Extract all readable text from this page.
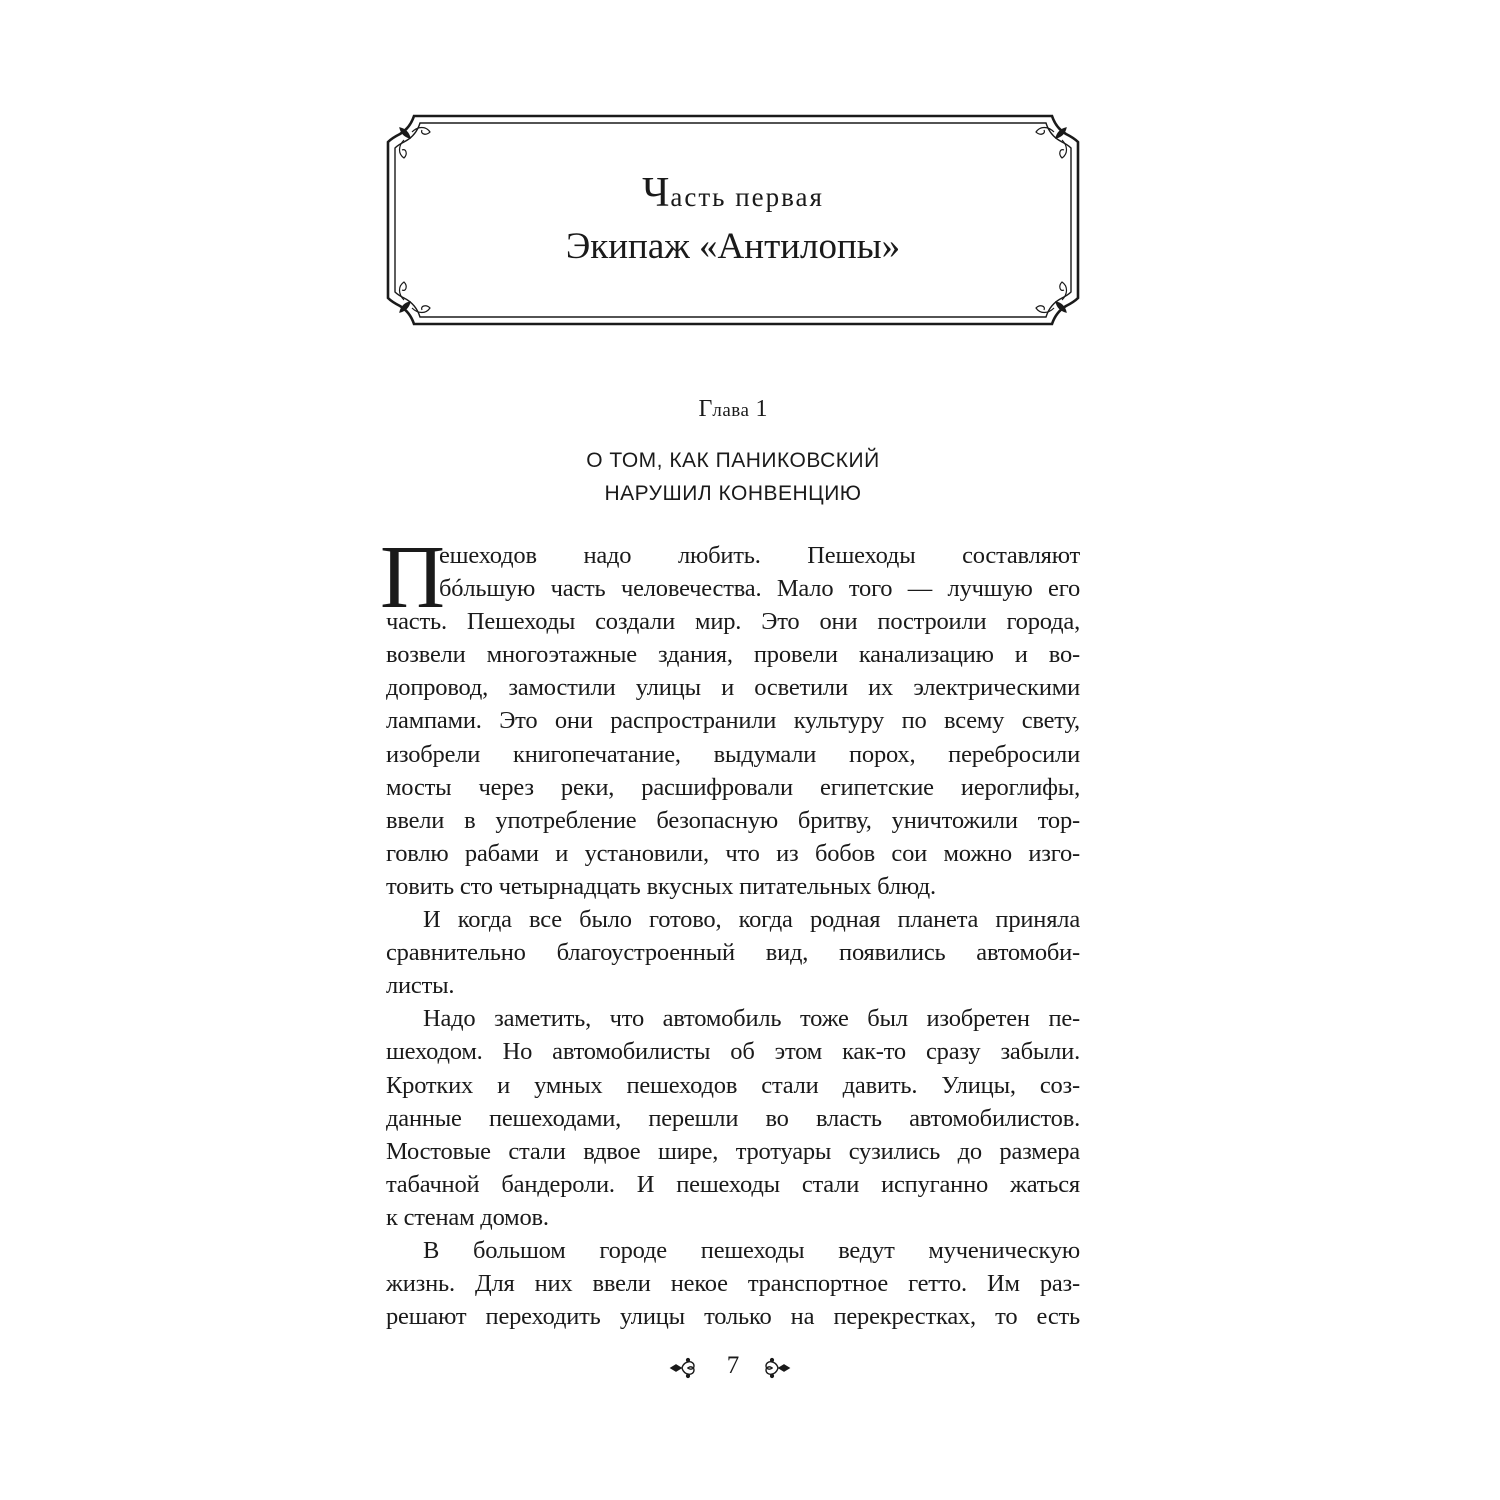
Часть первая
Экипаж «Антилопы»
Глава 1
О ТОМ, КАК ПАНИКОВСКИЙ
НАРУШИЛ КОНВЕНЦИЮ
П
ешеходов надо любить. Пешеходы составляют
бóльшую часть человечества. Мало того — лучшую его
часть. Пешеходы создали мир. Это они построили города,
возвели многоэтажные здания, провели канализацию и во-
допровод, замостили улицы и осветили их электрическими
лампами. Это они распространили культуру по всему свету,
изобрели книгопечатание, выдумали порох, перебросили
мосты через реки, расшифровали египетские иероглифы,
ввели в употребление безопасную бритву, уничтожили тор-
говлю рабами и установили, что из бобов сои можно изго-
товить сто четырнадцать вкусных питательных блюд.
И когда все было готово, когда родная планета приняла
сравнительно благоустроенный вид, появились автомоби-
листы.
Надо заметить, что автомобиль тоже был изобретен пе-
шеходом. Но автомобилисты об этом как-то сразу забыли.
Кротких и умных пешеходов стали давить. Улицы, соз-
данные пешеходами, перешли во власть автомобилистов.
Мостовые стали вдвое шире, тротуары сузились до размера
табачной бандероли. И пешеходы стали испуганно жаться
к стенам домов.
В большом городе пешеходы ведут мученическую
жизнь. Для них ввели некое транспортное гетто. Им раз-
решают переходить улицы только на перекрестках, то есть
7
